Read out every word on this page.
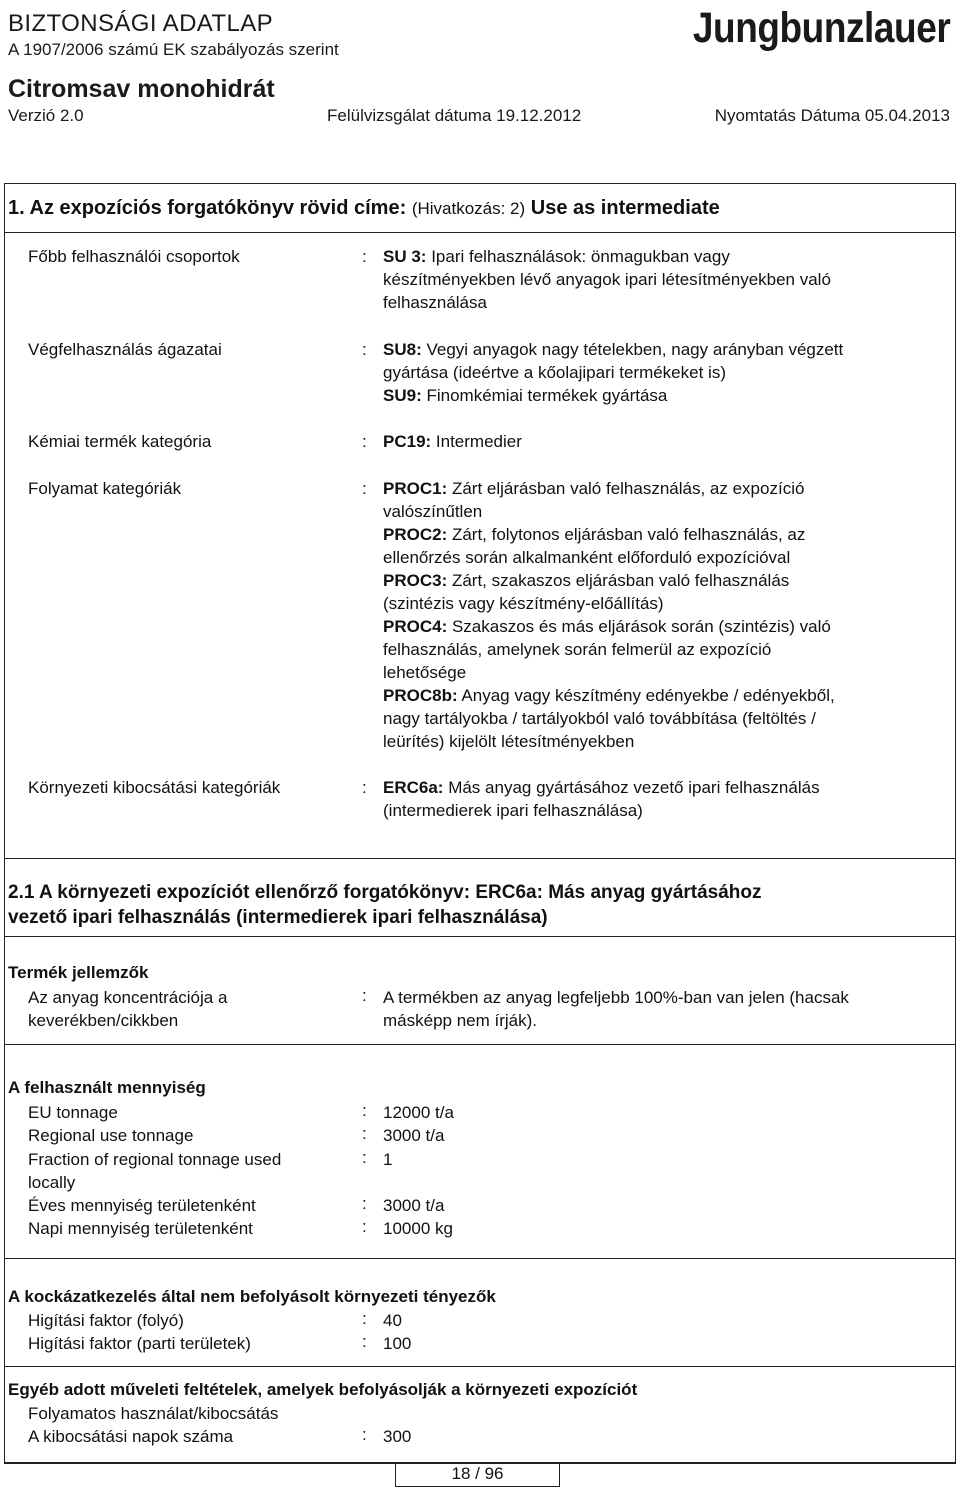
BIZTONSÁGI ADATLAP
A 1907/2006 számú EK szabályozás szerint
Citromsav monohidrát
Jungbunzlauer
Verzió 2.0	Felülvizsgálat dátuma 19.12.2012	Nyomtatás Dátuma 05.04.2013
1. Az expozíciós forgatókönyv rövid címe: (Hivatkozás: 2) Use as intermediate
Főbb felhasználói csoportok	: SU 3: Ipari felhasználások: önmagukban vagy
készítményekben lévő anyagok ipari létesítményekben való
felhasználása
Végfelhasználás ágazatai	: SU8: Vegyi anyagok nagy tételekben, nagy arányban végzett
gyártása (ideértve a kőolajipari termékeket is)
SU9: Finomkémiai termékek gyártása
Kémiai termék kategória	: PC19: Intermedier
Folyamat kategóriák	: PROC1: Zárt eljárásban való felhasználás, az expozíció
valószínűtlen
PROC2: Zárt, folytonos eljárásban való felhasználás, az
ellenőrzés során alkalmanként előforduló expozícióval
PROC3: Zárt, szakaszos eljárásban való felhasználás
(szintézis vagy készítmény-előállítás)
PROC4: Szakaszos és más eljárások során (szintézis) való
felhasználás, amelynek során felmerül az expozíció
lehetősége
PROC8b: Anyag vagy készítmény edényekbe / edényekből,
nagy tartályokba / tartályokból való továbbítása (feltöltés /
leürítés) kijelölt létesítményekben
Környezeti kibocsátási kategóriák	: ERC6a: Más anyag gyártásához vezető ipari felhasználás
(intermedierek ipari felhasználása)
2.1 A környezeti expozíciót ellenőrző forgatókönyv: ERC6a: Más anyag gyártásához
vezető ipari felhasználás (intermedierek ipari felhasználása)
Termék jellemzők
Az anyag koncentrációja a
keverékben/cikkben
: A termékben az anyag legfeljebb 100%-ban van jelen (hacsak
másképp nem írják).
A felhasznált mennyiség
EU tonnage	: 12000 t/a
Regional use tonnage	: 3000 t/a
Fraction of regional tonnage used
locally
: 1
Éves mennyiség területenként	: 3000 t/a
Napi mennyiség területenként	: 10000 kg
A kockázatkezelés által nem befolyásolt környezeti tényezők
Higítási faktor (folyó)	: 40
Higítási faktor (parti területek)	: 100
Egyéb adott műveleti feltételek, amelyek befolyásolják a környezeti expozíciót
Folyamatos használat/kibocsátás
A kibocsátási napok száma	: 300
18 / 96
